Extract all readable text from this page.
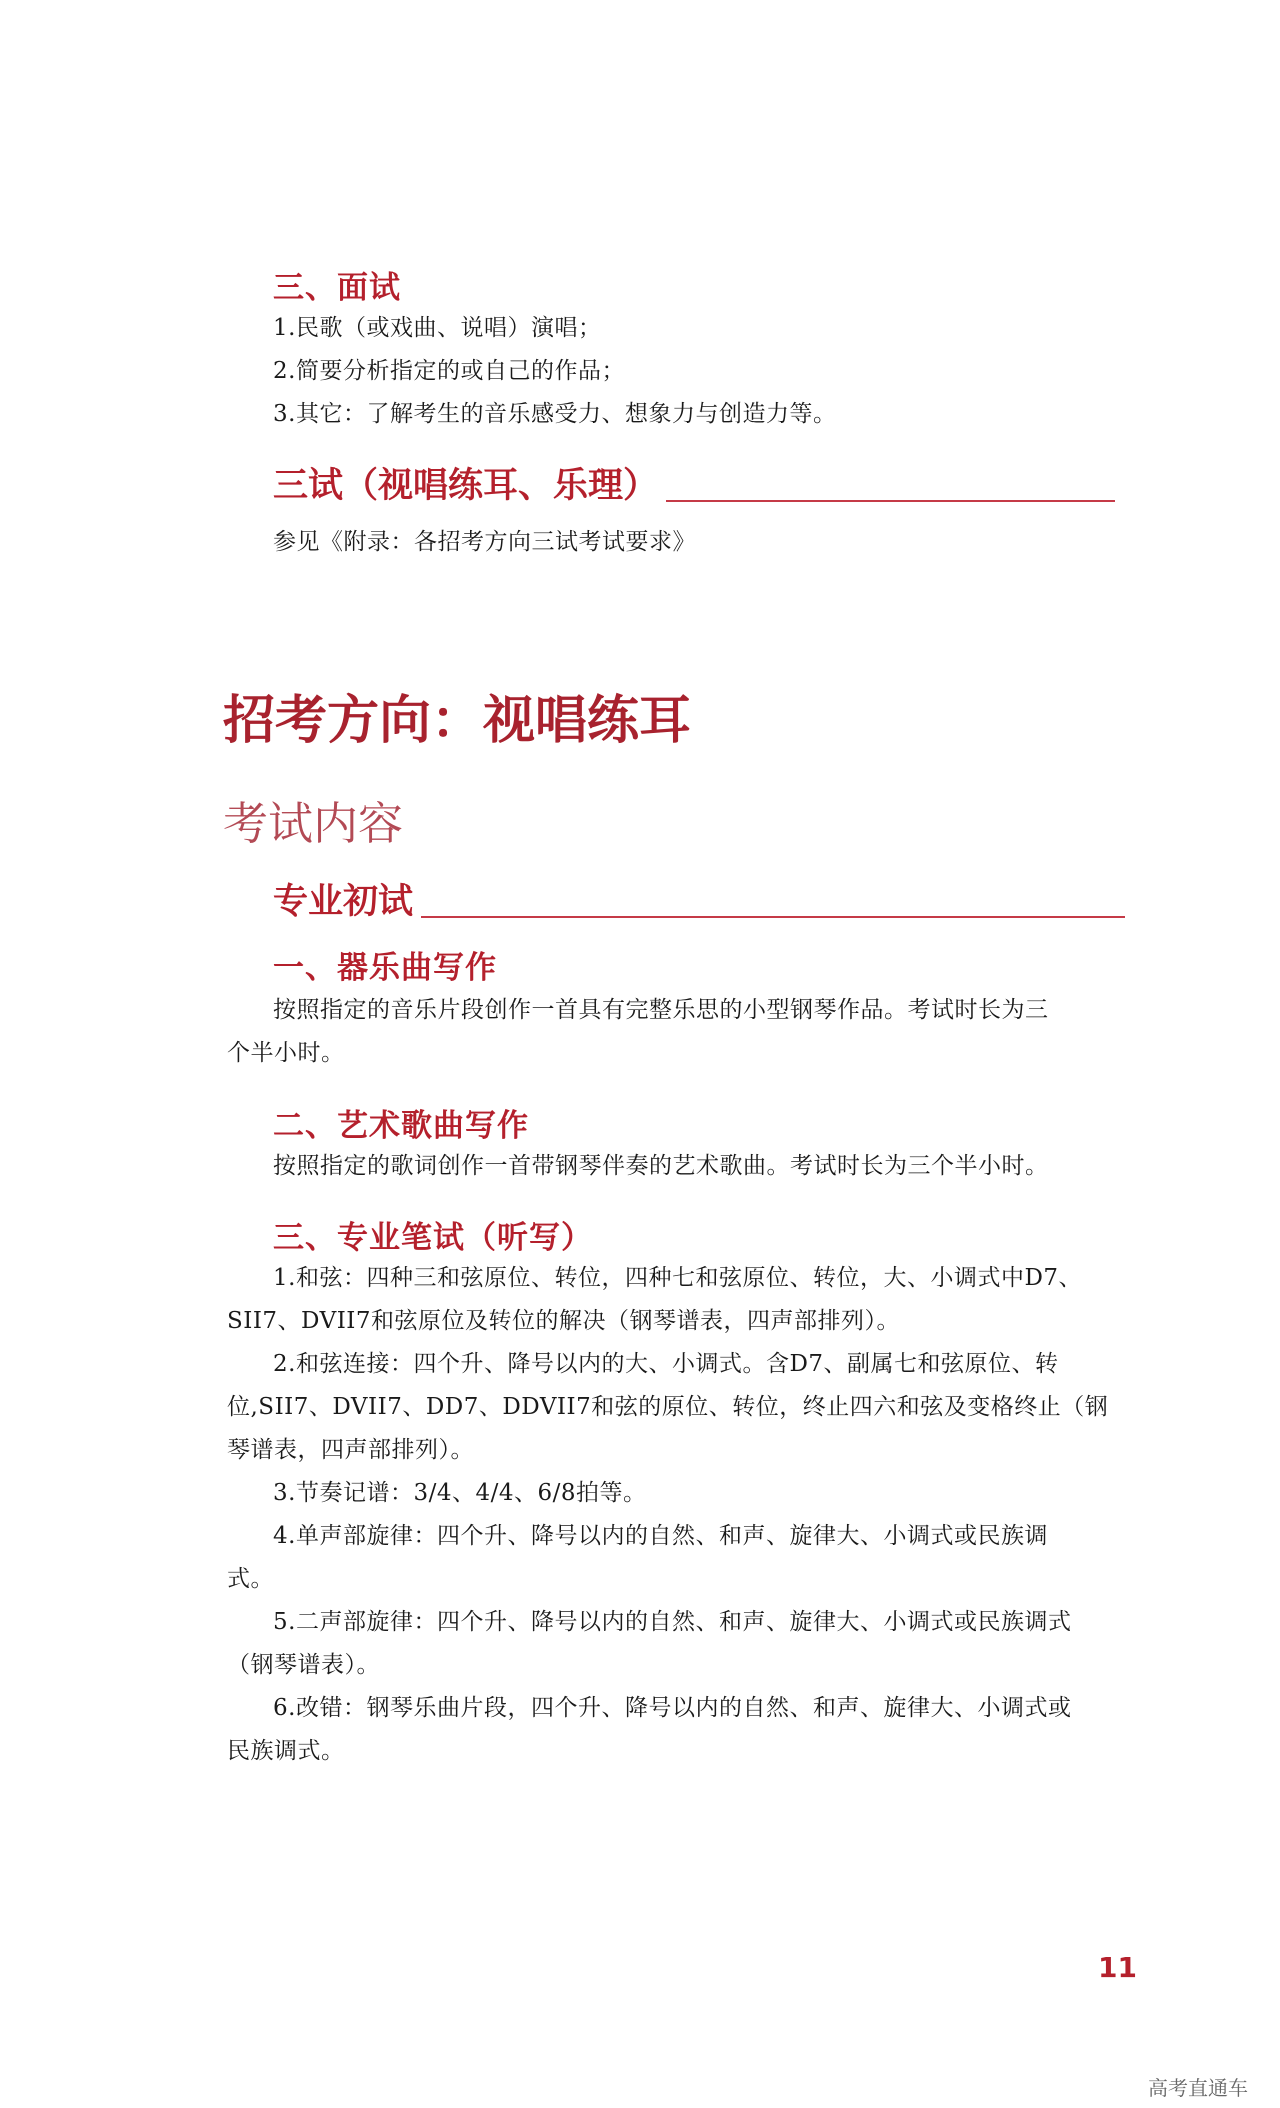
三、面试
1.民歌（或戏曲、说唱）演唱；
2.简要分析指定的或自己的作品；
3.其它：了解考生的音乐感受力、想象力与创造力等。
三试（视唱练耳、乐理）
参见《附录：各招考方向三试考试要求》
招考方向：视唱练耳
考试内容
专业初试
一、器乐曲写作
按照指定的音乐片段创作一首具有完整乐思的小型钢琴作品。考试时长为三
个半小时。
二、艺术歌曲写作
按照指定的歌词创作一首带钢琴伴奏的艺术歌曲。考试时长为三个半小时。
三、专业笔试（听写）
1.和弦：四种三和弦原位、转位，四种七和弦原位、转位，大、小调式中D7、
SII7、DVII7和弦原位及转位的解决（钢琴谱表，四声部排列）。
2.和弦连接：四个升、降号以内的大、小调式。含D7、副属七和弦原位、转
位,SII7、DVII7、DD7、DDVII7和弦的原位、转位，终止四六和弦及变格终止（钢
琴谱表，四声部排列）。
3.节奏记谱：3/4、4/4、6/8拍等。
4.单声部旋律：四个升、降号以内的自然、和声、旋律大、小调式或民族调
式。
5.二声部旋律：四个升、降号以内的自然、和声、旋律大、小调式或民族调式
（钢琴谱表）。
6.改错：钢琴乐曲片段，四个升、降号以内的自然、和声、旋律大、小调式或
民族调式。
11
高考直通车
